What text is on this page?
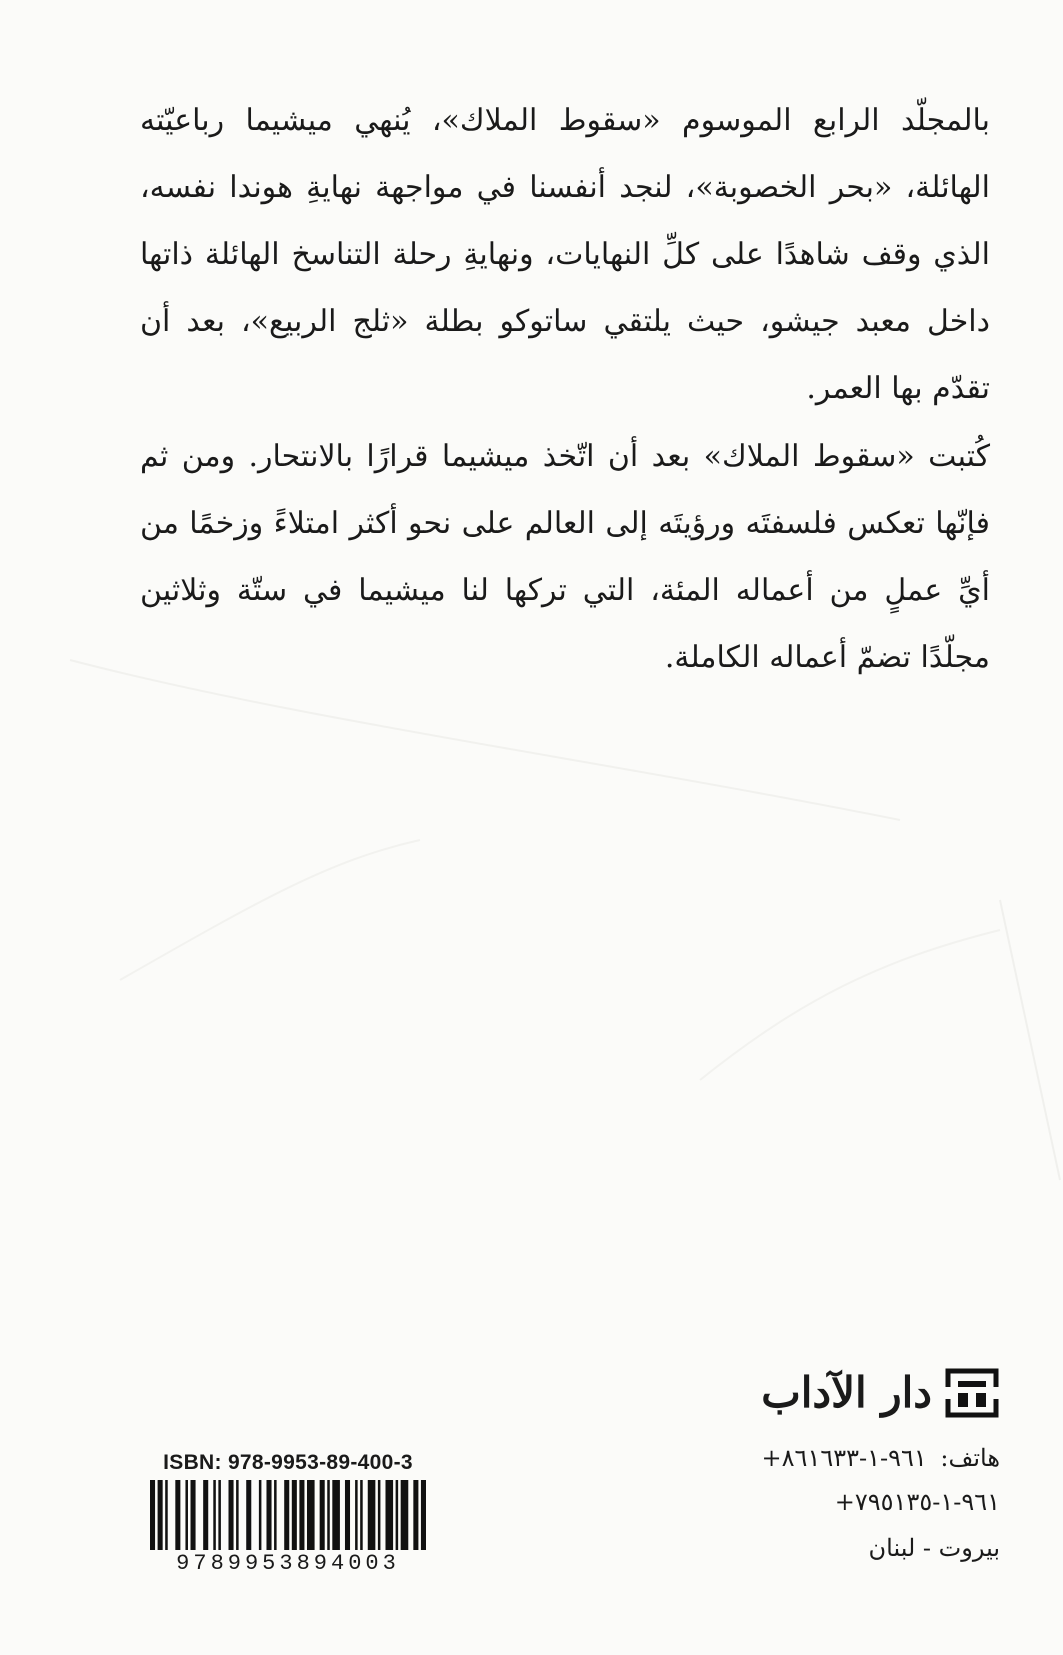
بالمجلّد الرابع الموسوم «سقوط الملاك»، يُنهي ميشيما رباعيّته الهائلة، «بحر الخصوبة»، لنجد أنفسنا في مواجهة نهايةِ هوندا نفسه، الذي وقف شاهدًا على كلِّ النهايات، ونهايةِ رحلة التناسخ الهائلة ذاتها داخل معبد جيشو، حيث يلتقي ساتوكو بطلة «ثلج الربيع»، بعد أن تقدّم بها العمر.

كُتبت «سقوط الملاك» بعد أن اتّخذ ميشيما قرارًا بالانتحار. ومن ثم فإنّها تعكس فلسفتَه ورؤيتَه إلى العالم على نحو أكثر امتلاءً وزخمًا من أيِّ عملٍ من أعماله المئة، التي تركها لنا ميشيما في ستّة وثلاثين مجلّدًا تضمّ أعماله الكاملة.

دار الآداب

هاتف: +٩٦١-١-٨٦١٦٣٣

+٩٦١-١-٧٩٥١٣٥

بيروت - لبنان

ISBN: 978-9953-89-400-3

9789953894003
